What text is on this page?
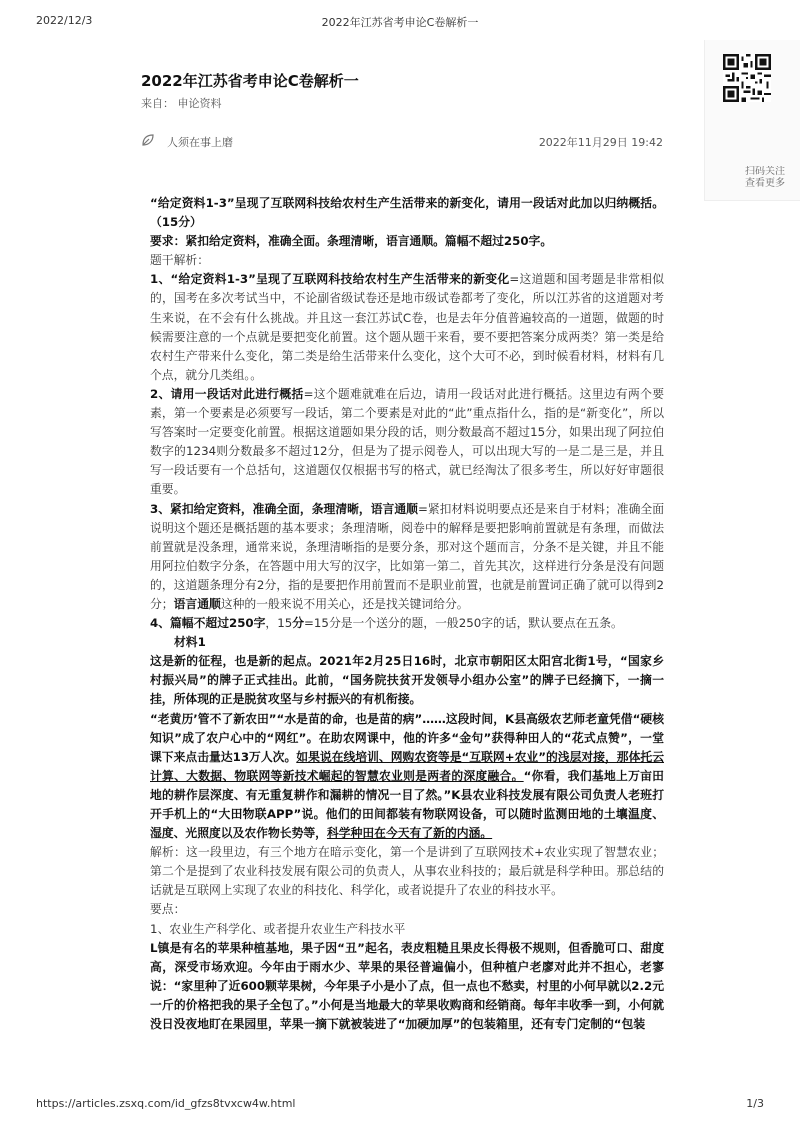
2022/12/3	2022年江苏省考申论C卷解析一
扫码关注
查看更多
2022年江苏省考申论C卷解析一
来自： 申论资料
人须在事上磨	2022年11月29日 19:42

“给定资料1-3”呈现了互联网科技给农村生产生活带来的新变化，请用一段话对此加以归纳概括。（15分）

要求：紧扣给定资料，准确全面。条理清晰，语言通顺。篇幅不超过250字。

题干解析：

1、“给定资料1-3”呈现了互联网科技给农村生产生活带来的新变化=这道题和国考题是非常相似的，国考在多次考试当中，不论副省级试卷还是地市级试卷都考了变化，所以江苏省的这道题对考生来说，在不会有什么挑战。并且这一套江苏试C卷，也是去年分值普遍较高的一道题，做题的时候需要注意的一个点就是要把变化前置。这个题从题干来看，要不要把答案分成两类？第一类是给农村生产带来什么变化，第二类是给生活带来什么变化，这个大可不必，到时候看材料，材料有几个点，就分几类组。。

2、请用一段话对此进行概括=这个题难就难在后边，请用一段话对此进行概括。这里边有两个要素，第一个要素是必须要写一段话，第二个要素是对此的“此”重点指什么，指的是“新变化”，所以写答案时一定要变化前置。根据这道题如果分段的话，则分数最高不超过15分，如果出现了阿拉伯数字的1234则分数最多不超过12分，但是为了提示阅卷人，可以出现大写的一是二是三是，并且写一段话要有一个总括句，这道题仅仅根据书写的格式，就已经淘汰了很多考生，所以好好审题很重要。

3、紧扣给定资料，准确全面，条理清晰，语言通顺=紧扣材料说明要点还是来自于材料；准确全面说明这个题还是概括题的基本要求；条理清晰，阅卷中的解释是要把影响前置就是有条理，而做法前置就是没条理，通常来说，条理清晰指的是要分条，那对这个题而言，分条不是关键，并且不能用阿拉伯数字分条，在答题中用大写的汉字，比如第一第二，首先其次，这样进行分条是没有问题的，这道题条理分有2分，指的是要把作用前置而不是职业前置，也就是前置词正确了就可以得到2分；语言通顺这种的一般来说不用关心，还是找关键词给分。

4、篇幅不超过250字，15分=15分是一个送分的题，一般250字的话，默认要点在五条。

材料1

这是新的征程，也是新的起点。2021年2月25日16时，北京市朝阳区太阳宫北街1号，“国家乡村振兴局”的牌子正式挂出。此前，“国务院扶贫开发领导小组办公室”的牌子已经摘下，一摘一挂，所体现的正是脱贫攻坚与乡村振兴的有机衔接。

“老黄历’管不了新农田”“水是苗的命，也是苗的病”……这段时间，K县高级农艺师老童凭借“硬核知识”成了农户心中的“网红”。在助农网课中，他的许多“金句”获得种田人的“花式点赞”，一堂课下来点击量达13万人次。如果说在线培训、网购农资等是“互联网+农业”的浅层对接，那体托云计算、大数据、物联网等新技术崛起的智慧农业则是两者的深度融合。“你看，我们基地上万亩田地的耕作层深度、有无重复耕作和漏耕的情况一目了然。”K县农业科技发展有限公司负责人老班打开手机上的“大田物联APP”说。他们的田间都装有物联网设备，可以随时监测田地的土壤温度、湿度、光照度以及农作物长势等，科学种田在今天有了新的内涵。

解析：这一段里边，有三个地方在暗示变化，第一个是讲到了互联网技术+农业实现了智慧农业；第二个是提到了农业科技发展有限公司的负责人，从事农业科技的；最后就是科学种田。那总结的话就是互联网上实现了农业的科技化、科学化，或者说提升了农业的科技水平。

要点：

1、农业生产科学化、或者提升农业生产科技水平

L镇是有名的苹果种植基地，果子因“丑”起名，表皮粗糙且果皮长得极不规则，但香脆可口、甜度高，深受市场欢迎。今年由于雨水少、苹果的果径普遍偏小，但种植户老廖对此并不担心，老寥说：“家里种了近600颗苹果树，今年果子小是小了点，但一点也不愁卖，村里的小何早就以2.2元一斤的价格把我的果子全包了。”小何是当地最大的苹果收购商和经销商。每年丰收季一到，小何就没日没夜地盯在果园里，苹果一摘下就被装进了“加硬加厚”的包装箱里，还有专门定制的“包装

https://articles.zsxq.com/id_gfzs8tvxcw4w.html	1/3
